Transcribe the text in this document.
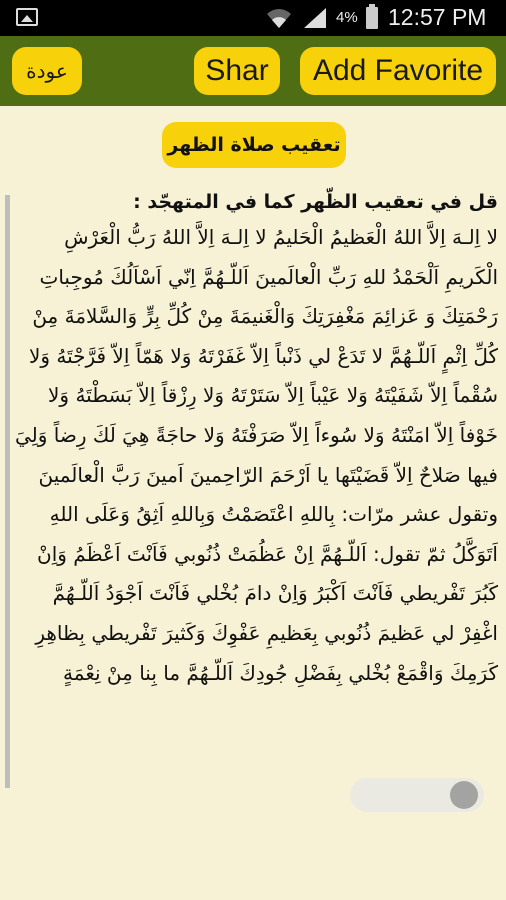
4% 12:57 PM
عودة	Shar	Add Favorite
تعقيب صلاة الظهر

قل في تعقيب الظّهر كما في المتهجّد :

لا اِلـهَ اِلاَّ اللهُ الْعَظيمُ الْحَليمُ لا اِلـهَ اِلاَّ اللهُ رَبُّ الْعَرْشِ الْكَريمِ اَلْحَمْدُ للهِ رَبِّ الْعالَمينَ اَللّـهُمَّ اِنّي اَسْاَلُكَ مُوجِباتِ رَحْمَتِكَ وَ عَزائِمَ مَغْفِرَتِكَ وَالْغَنيمَةَ مِنْ كُلِّ بِرٍّ وَالسَّلامَةَ مِنْ كُلِّ اِثْمٍ اَللّـهُمَّ لا تَدَعْ لي ذَنْباً اِلاّ غَفَرْتَهُ وَلا هَمّاً اِلاّ فَرَّجْتَهُ وَلا سُقْماً اِلاّ شَفَيْتَهُ وَلا عَيْباً اِلاّ سَتَرْتَهُ وَلا رِزْقاً اِلاّ بَسَطْتَهُ وَلا خَوْفاً اِلاّ امَنْتَهُ وَلا سُوءاً اِلاّ صَرَفْتَهُ وَلا حاجَةً هِيَ لَكَ رِضاً وَلِيَ فيها صَلاحٌ اِلاّ قَضَيْتَها يا اَرْحَمَ الرّاحِمينَ اَمينَ رَبَّ الْعالَمينَ

وتقول عشر مرّات: بِاللهِ اعْتَصَمْتُ وَبِاللهِ اَثِقُ وَعَلَى اللهِ اَتَوَكَّلُ ثمّ تقول: اَللّـهُمَّ اِنْ عَظُمَتْ ذُنُوبي فَاَنْتَ اَعْظَمُ وَاِنْ كَبُرَ تَفْريطي فَاَنْتَ اَكْبَرُ وَاِنْ دامَ بُخْلي فَاَنْتَ اَجْوَدُ اَللّـهُمَّ اغْفِرْ لي عَظيمَ ذُنُوبي بِعَظيمِ عَفْوِكَ وَكَثيرَ تَفْريطي بِظاهِرِ كَرَمِكَ وَاقْمَعْ بُخْلي بِفَضْلِ جُودِكَ اَللّـهُمَّ ما بِنا مِنْ نِعْمَةٍ
